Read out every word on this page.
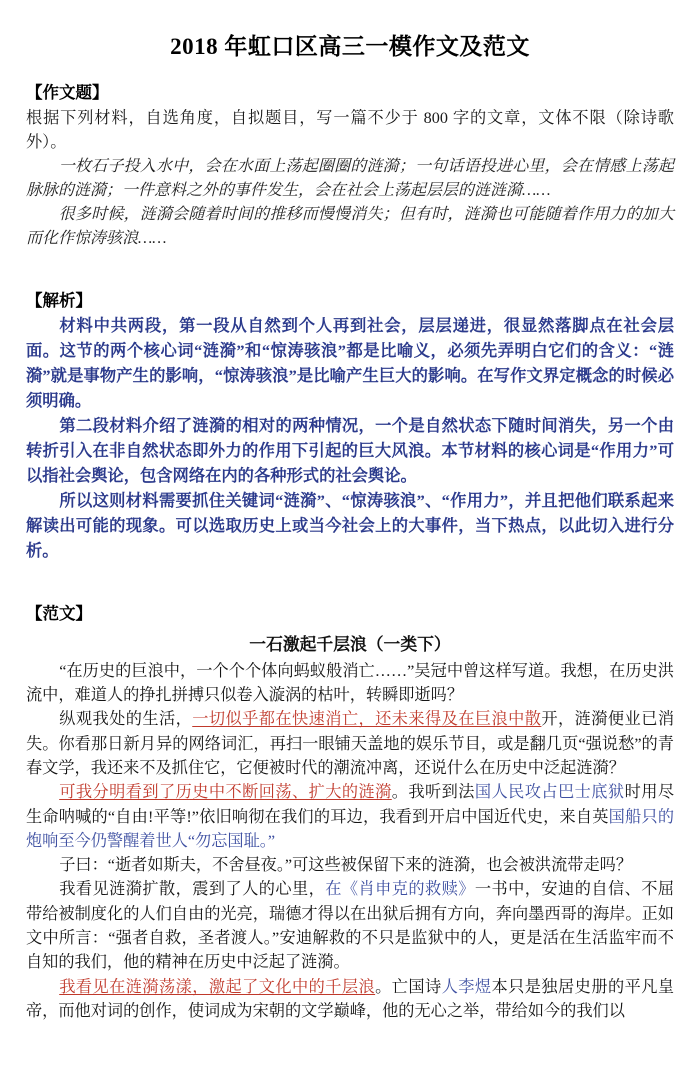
2018 年虹口区高三一模作文及范文
【作文题】

根据下列材料，自选角度，自拟题目，写一篇不少于 800 字的文章，文体不限（除诗歌外）。

一枚石子投入水中，会在水面上荡起圈圈的涟漪；一句话语投进心里，会在情感上荡起 脉脉的涟漪；一件意料之外的事件发生，会在社会上荡起层层的涟涟漪……

很多时候，涟漪会随着时间的推移而慢慢消失；但有时，涟漪也可能随着作用力的加大而化作惊涛骇浪……

【解析】

材料中共两段，第一段从自然到个人再到社会，层层递进，很显然落脚点在社会层面。这节的两个核心词“涟漪”和“惊涛骇浪”都是比喻义，必须先弄明白它们的含义：“涟漪”就是事物产生的影响，“惊涛骇浪”是比喻产生巨大的影响。在写作文界定概念的时候必须明确。

第二段材料介绍了涟漪的相对的两种情况，一个是自然状态下随时间消失，另一个由转折引入在非自然状态即外力的作用下引起的巨大风浪。本节材料的核心词是“作用力”可以指社会舆论，包含网络在内的各种形式的社会舆论。

所以这则材料需要抓住关键词“涟漪”、“惊涛骇浪”、“作用力”，并且把他们联系起来解读出可能的现象。可以选取历史上或当今社会上的大事件，当下热点，以此切入进行分析。

【范文】
一石激起千层浪（一类下）

“在历史的巨浪中，一个个个体向蚂蚁般消亡……”吴冠中曾这样写道。我想，在历史洪流中，难道人的挣扎拼搏只似卷入漩涡的枯叶，转瞬即逝吗？

纵观我处的生活，一切似乎都在快速消亡，还未来得及在巨浪中散开，涟漪便业已消失。你看那日新月异的网络词汇，再扫一眼铺天盖地的娱乐节目，或是翻几页“强说愁”的青春文学，我还来不及抓住它，它便被时代的潮流冲离，还说什么在历史中泛起涟漪？

可我分明看到了历史中不断回荡、扩大的涟漪。我听到法国人民攻占巴士底狱时用尽生命呐喊的“自由!平等!”依旧响彻在我们的耳边，我看到开启中国近代史，来自英国船只的炮响至今仍警醒着世人“勿忘国耻。”

子曰：“逝者如斯夫，不舍昼夜。”可这些被保留下来的涟漪，也会被洪流带走吗？

我看见涟漪扩散，震到了人的心里，在《肖申克的救赎》一书中，安迪的自信、不屈带给被制度化的人们自由的光亮，瑞德才得以在出狱后拥有方向，奔向墨西哥的海岸。正如文中所言：“强者自救，圣者渡人。”安迪解救的不只是监狱中的人，更是活在生活监牢而不自知的我们，他的精神在历史中泛起了涟漪。

我看见在涟漪荡漾，激起了文化中的千层浪。亡国诗人李煜本只是独居史册的平凡皇帝，而他对词的创作，使词成为宋朝的文学巅峰，他的无心之举，带给如今的我们以
